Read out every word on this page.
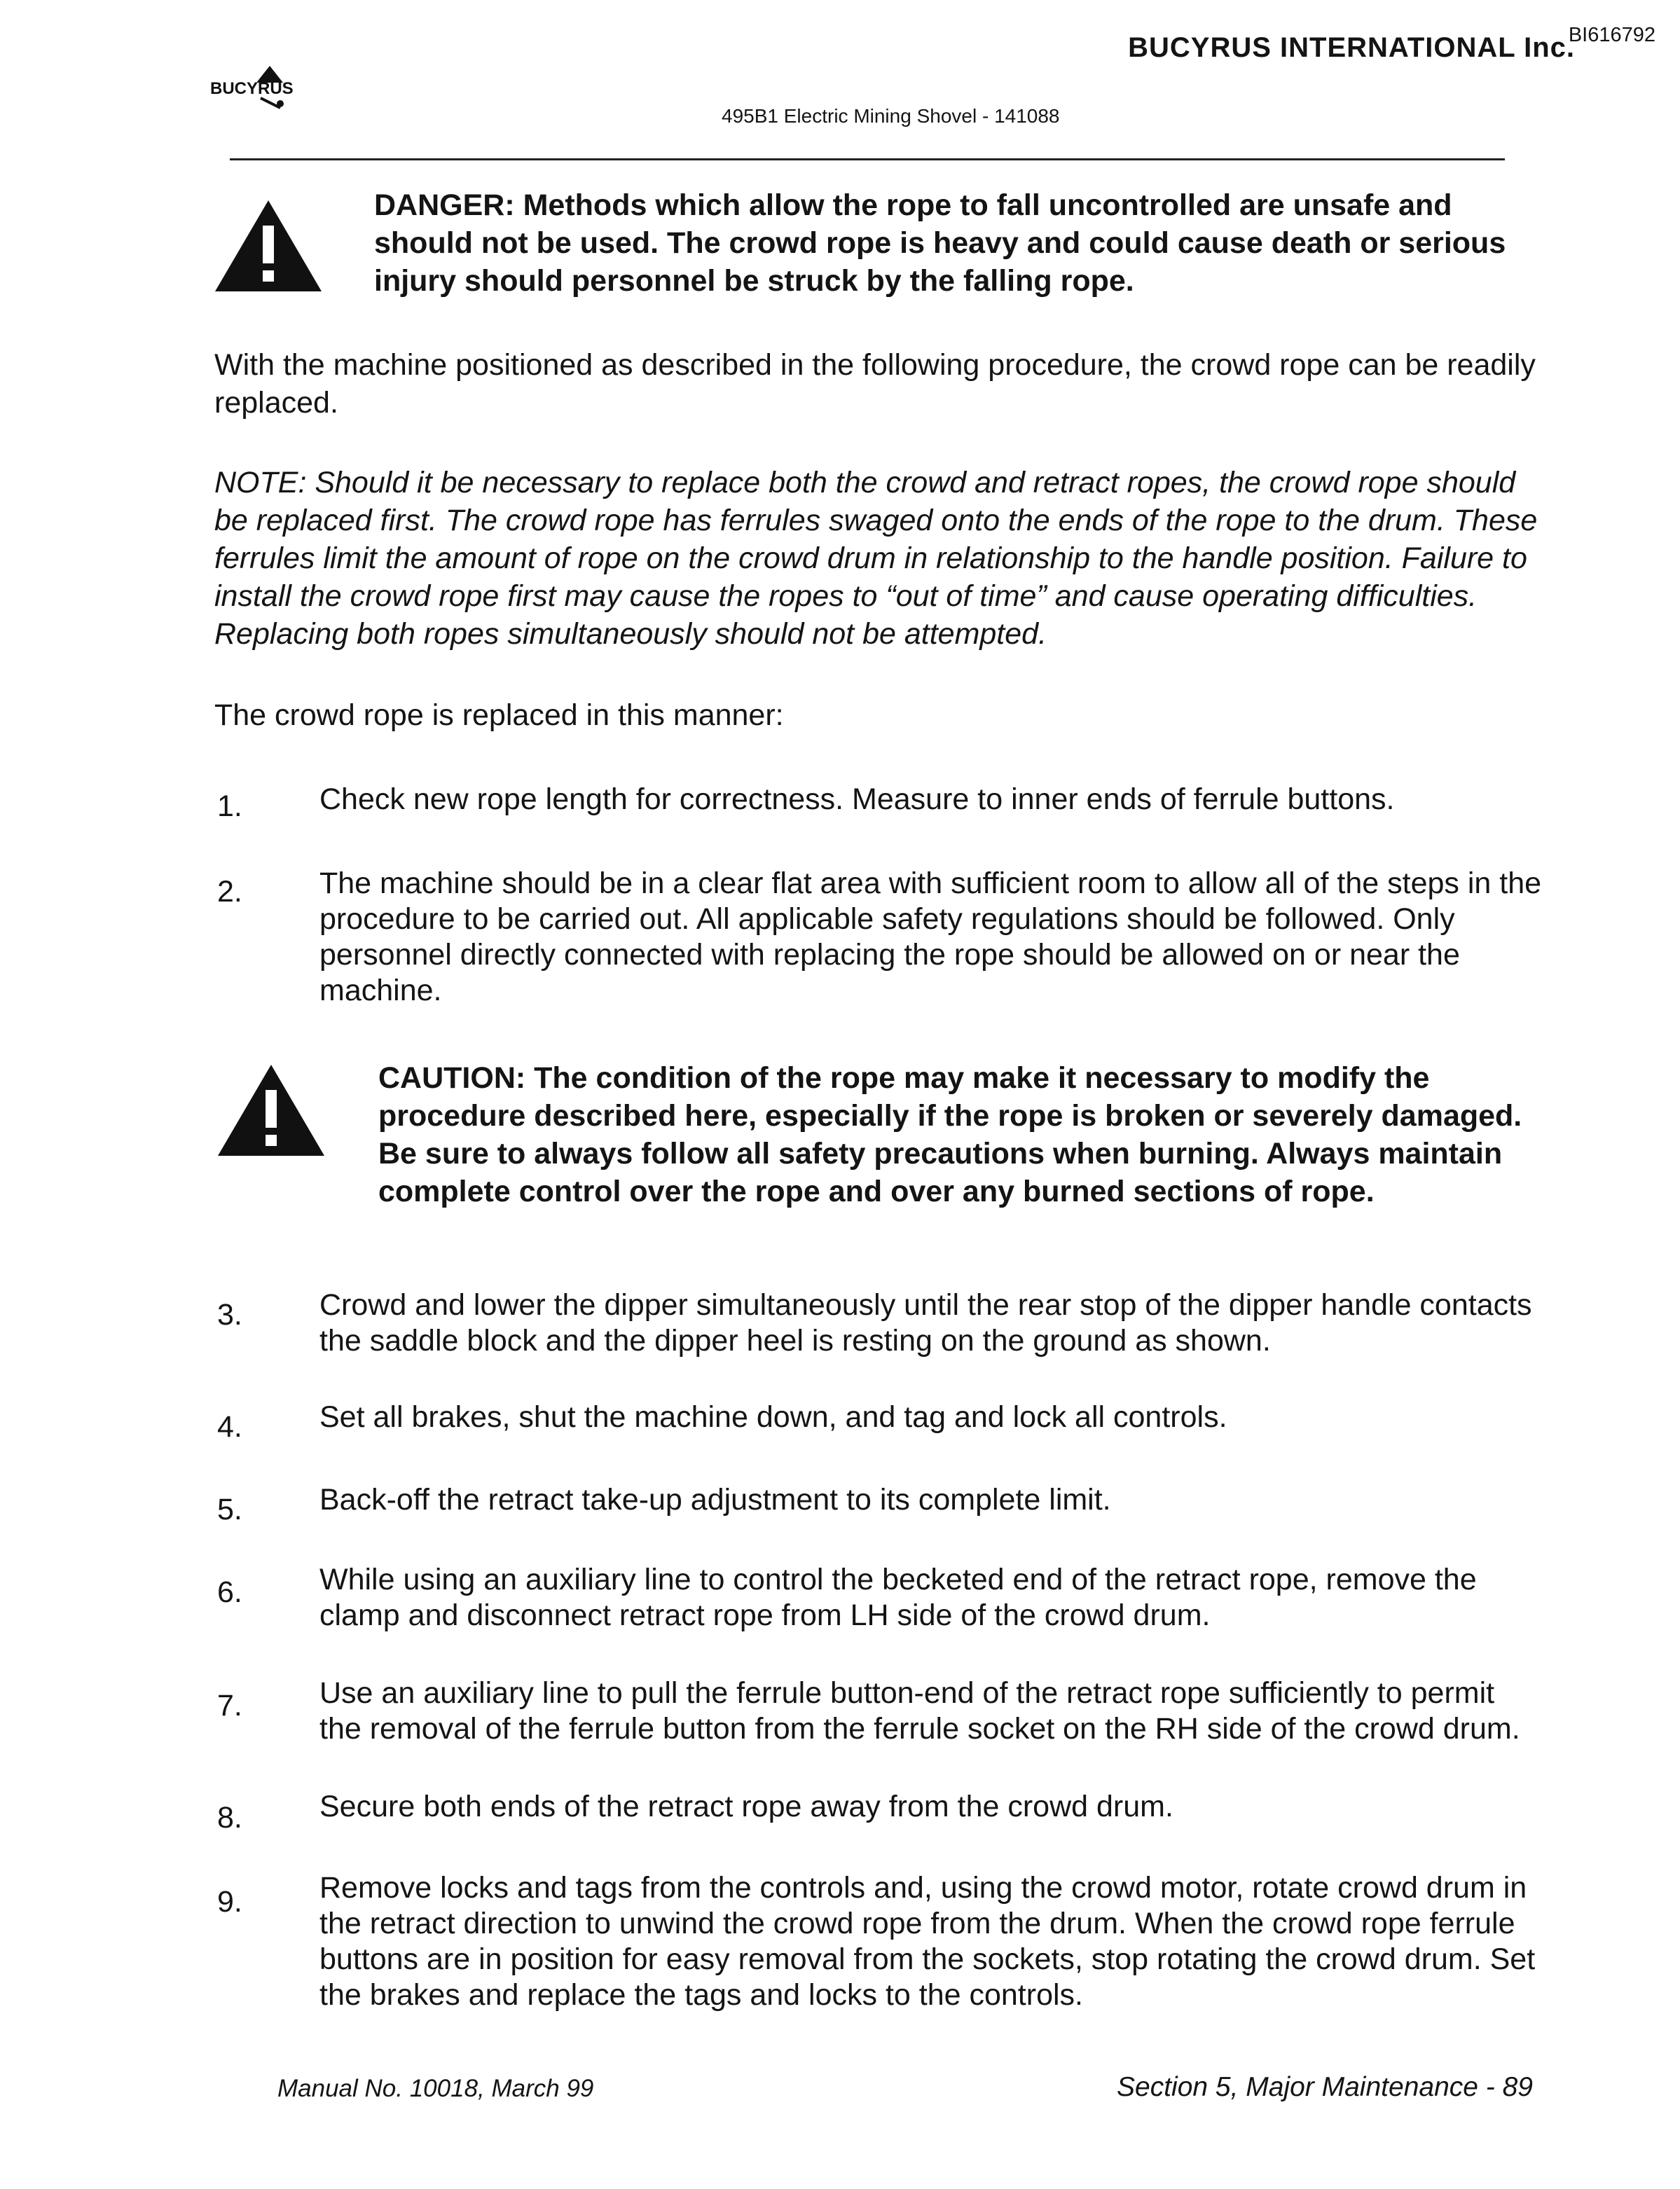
BUCYRUS
BUCYRUS INTERNATIONAL Inc.
BI616792
495B1 Electric Mining Shovel - 141088
DANGER: Methods which allow the rope to fall uncontrolled are unsafe and should not be used. The crowd rope is heavy and could cause death or serious injury should personnel be struck by the falling rope.
With the machine positioned as described in the following procedure, the crowd rope can be readily replaced.
NOTE: Should it be necessary to replace both the crowd and retract ropes, the crowd rope should be replaced first. The crowd rope has ferrules swaged onto the ends of the rope to the drum. These ferrules limit the amount of rope on the crowd drum in relationship to the handle position. Failure to install the crowd rope first may cause the ropes to “out of time” and cause operating difficulties. Replacing both ropes simultaneously should not be attempted.
The crowd rope is replaced in this manner:
1.	Check new rope length for correctness. Measure to inner ends of ferrule buttons.
2.	The machine should be in a clear flat area with sufficient room to allow all of the steps in the procedure to be carried out. All applicable safety regulations should be followed. Only personnel directly connected with replacing the rope should be allowed on or near the machine.
CAUTION: The condition of the rope may make it necessary to modify the procedure described here, especially if the rope is broken or severely damaged. Be sure to always follow all safety precautions when burning. Always maintain complete control over the rope and over any burned sections of rope.
3.	Crowd and lower the dipper simultaneously until the rear stop of the dipper handle contacts the saddle block and the dipper heel is resting on the ground as shown.
4.	Set all brakes, shut the machine down, and tag and lock all controls.
5.	Back-off the retract take-up adjustment to its complete limit.
6.	While using an auxiliary line to control the becketed end of the retract rope, remove the clamp and disconnect retract rope from LH side of the crowd drum.
7.	Use an auxiliary line to pull the ferrule button-end of the retract rope sufficiently to permit the removal of the ferrule button from the ferrule socket on the RH side of the crowd drum.
8.	Secure both ends of the retract rope away from the crowd drum.
9.	Remove locks and tags from the controls and, using the crowd motor, rotate crowd drum in the retract direction to unwind the crowd rope from the drum. When the crowd rope ferrule buttons are in position for easy removal from the sockets, stop rotating the crowd drum. Set the brakes and replace the tags and locks to the controls.
Manual No. 10018, March 99	Section 5, Major Maintenance - 89
